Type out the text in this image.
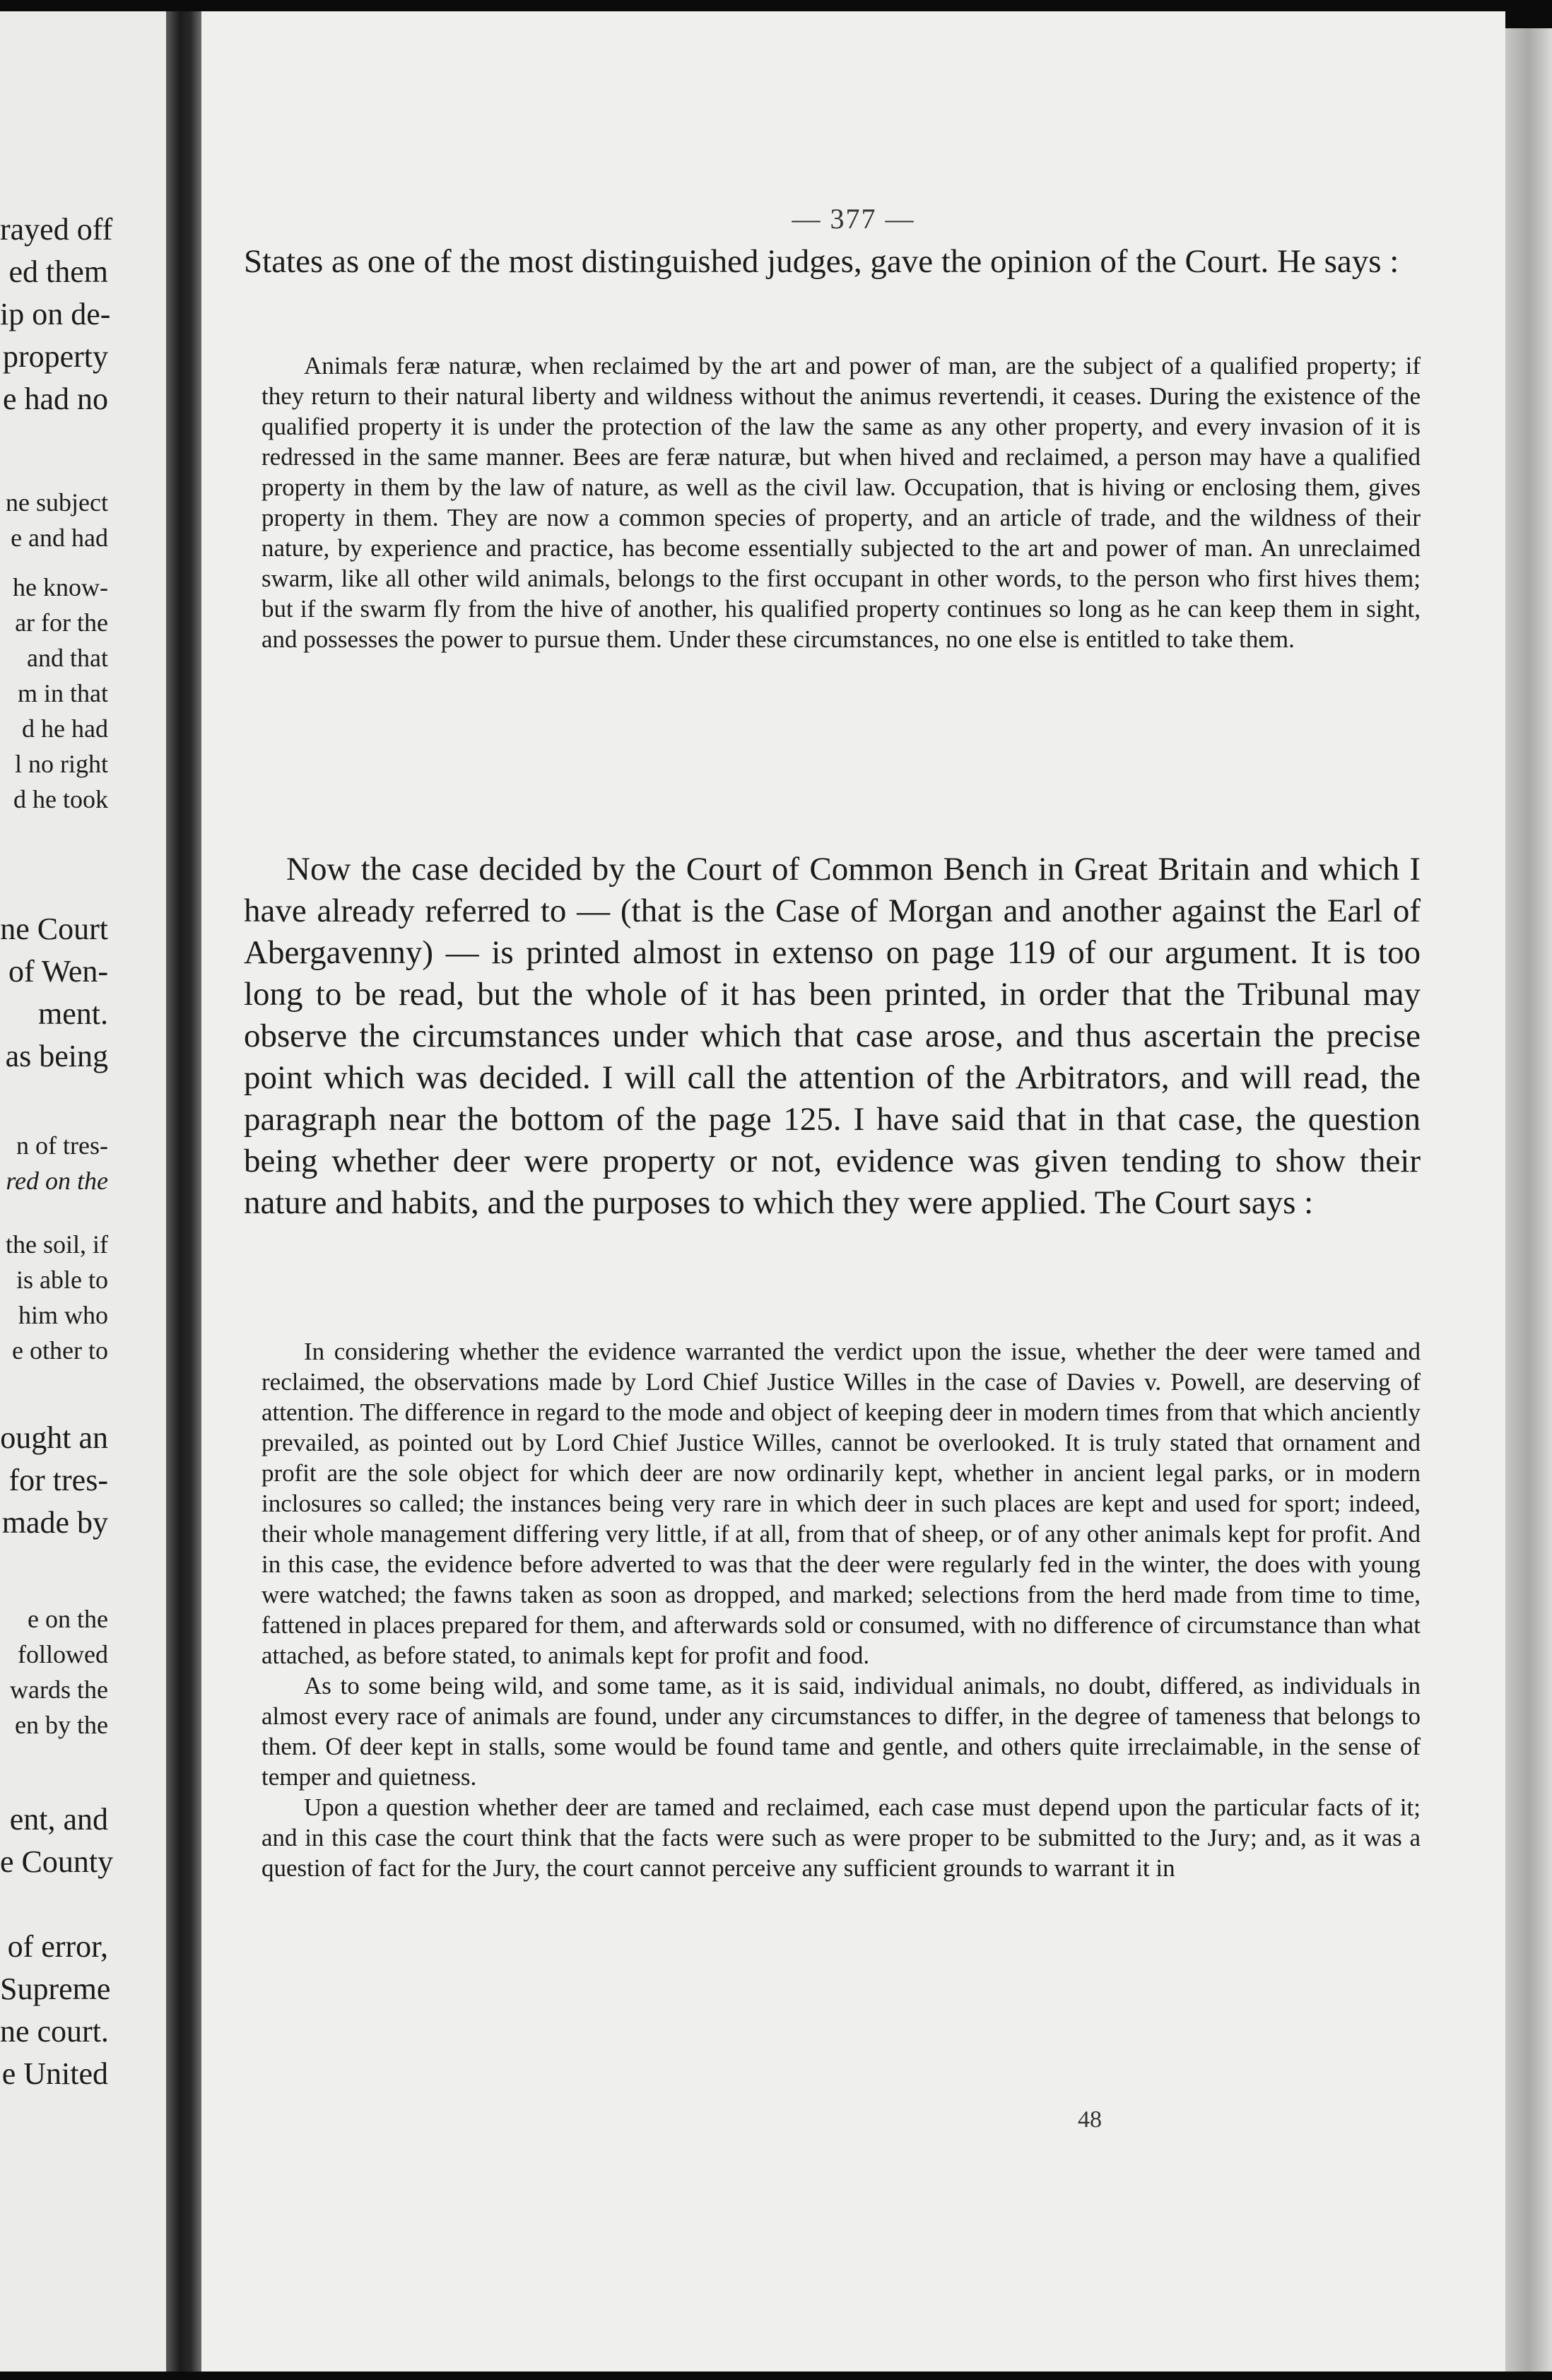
rayed off
ed them
ip on de-
property
e had no
ne subject
e and had
he know-
ar for the
and that
m in that
d he had
l no right
d he took
ne Court
of Wen-
ment.
as being
n of tres-
red on the
the soil, if
is able to
him who
e other to
ought an
for tres-
made by
e on the
followed
wards the
en by the
ent, and
e County
of error,
Supreme
ne court.
e United
— 377 —

States as one of the most distinguished judges, gave the opinion of the Court. He says :

Animals feræ naturæ, when reclaimed by the art and power of man, are the subject of a qualified property; if they return to their natural liberty and wildness without the animus revertendi, it ceases. During the existence of the qualified property it is under the protection of the law the same as any other property, and every invasion of it is redressed in the same manner. Bees are feræ naturæ, but when hived and reclaimed, a person may have a qualified property in them by the law of nature, as well as the civil law. Occupation, that is hiving or enclosing them, gives property in them. They are now a common species of property, and an article of trade, and the wildness of their nature, by experience and practice, has become essentially subjected to the art and power of man. An unreclaimed swarm, like all other wild animals, belongs to the first occupant in other words, to the person who first hives them; but if the swarm fly from the hive of another, his qualified property continues so long as he can keep them in sight, and possesses the power to pursue them. Under these circumstances, no one else is entitled to take them.

Now the case decided by the Court of Common Bench in Great Britain and which I have already referred to — (that is the Case of Morgan and another against the Earl of Abergavenny) — is printed almost in extenso on page 119 of our argument. It is too long to be read, but the whole of it has been printed, in order that the Tribunal may observe the circumstances under which that case arose, and thus ascertain the precise point which was decided. I will call the attention of the Arbitrators, and will read, the paragraph near the bottom of the page 125. I have said that in that case, the question being whether deer were property or not, evidence was given tending to show their nature and habits, and the purposes to which they were applied. The Court says :

In considering whether the evidence warranted the verdict upon the issue, whether the deer were tamed and reclaimed, the observations made by Lord Chief Justice Willes in the case of Davies v. Powell, are deserving of attention. The difference in regard to the mode and object of keeping deer in modern times from that which anciently prevailed, as pointed out by Lord Chief Justice Willes, cannot be overlooked. It is truly stated that ornament and profit are the sole object for which deer are now ordinarily kept, whether in ancient legal parks, or in modern inclosures so called; the instances being very rare in which deer in such places are kept and used for sport; indeed, their whole management differing very little, if at all, from that of sheep, or of any other animals kept for profit. And in this case, the evidence before adverted to was that the deer were regularly fed in the winter, the does with young were watched; the fawns taken as soon as dropped, and marked; selections from the herd made from time to time, fattened in places prepared for them, and afterwards sold or consumed, with no difference of circumstance than what attached, as before stated, to animals kept for profit and food.

As to some being wild, and some tame, as it is said, individual animals, no doubt, differed, as individuals in almost every race of animals are found, under any circumstances to differ, in the degree of tameness that belongs to them. Of deer kept in stalls, some would be found tame and gentle, and others quite irreclaimable, in the sense of temper and quietness.

Upon a question whether deer are tamed and reclaimed, each case must depend upon the particular facts of it; and in this case the court think that the facts were such as were proper to be submitted to the Jury; and, as it was a question of fact for the Jury, the court cannot perceive any sufficient grounds to warrant it in

48
